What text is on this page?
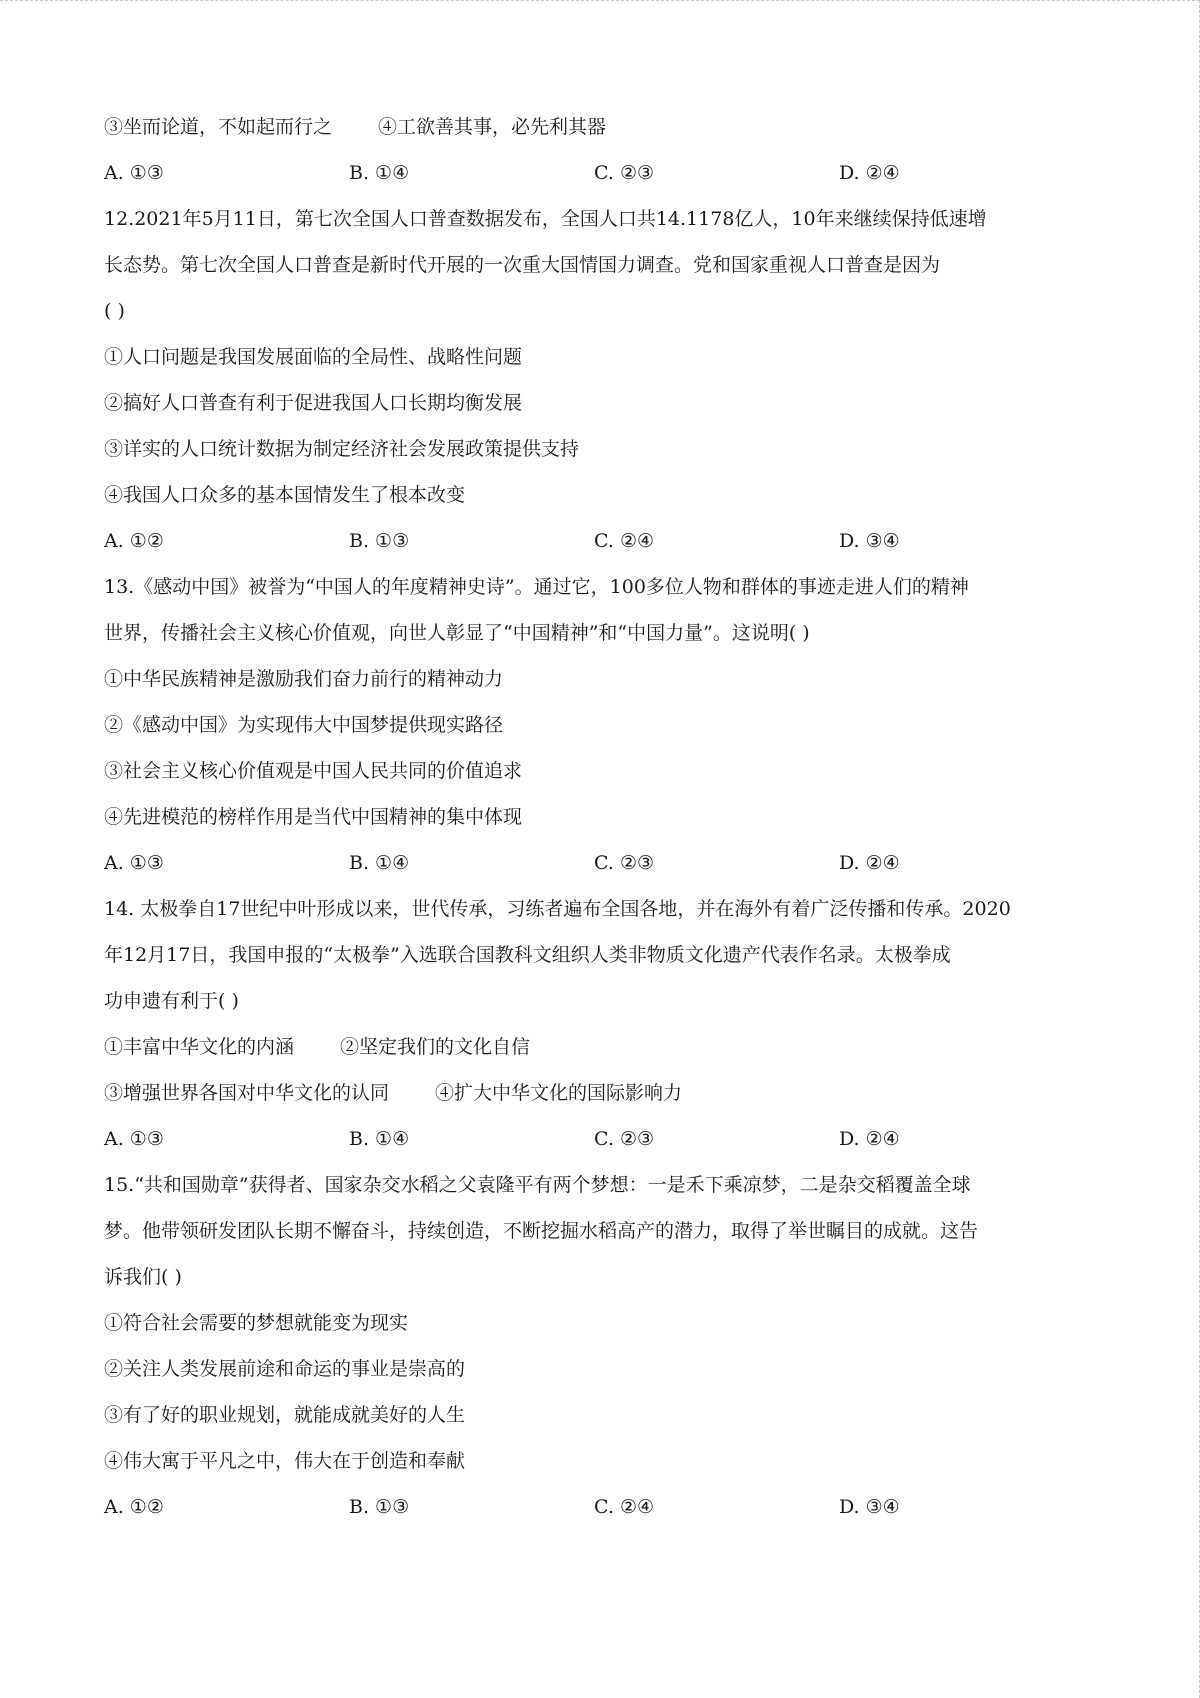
③坐而论道，不如起而行之 ④工欲善其事，必先利其器
A. ①③	B. ①④	C. ②③	D. ②④
12.2021年5月11日，第七次全国人口普查数据发布，全国人口共14.1178亿人，10年来继续保持低速增
长态势。第七次全国人口普查是新时代开展的一次重大国情国力调查。党和国家重视人口普查是因为
( )
①人口问题是我国发展面临的全局性、战略性问题
②搞好人口普查有利于促进我国人口长期均衡发展
③详实的人口统计数据为制定经济社会发展政策提供支持
④我国人口众多的基本国情发生了根本改变
A. ①②	B. ①③	C. ②④	D. ③④
13.《感动中国》被誉为“中国人的年度精神史诗”。通过它，100多位人物和群体的事迹走进人们的精神
世界，传播社会主义核心价值观，向世人彰显了“中国精神”和“中国力量”。这说明( )
①中华民族精神是激励我们奋力前行的精神动力
②《感动中国》为实现伟大中国梦提供现实路径
③社会主义核心价值观是中国人民共同的价值追求
④先进模范的榜样作用是当代中国精神的集中体现
A. ①③	B. ①④	C. ②③	D. ②④
14. 太极拳自17世纪中叶形成以来，世代传承，习练者遍布全国各地，并在海外有着广泛传播和传承。2020
年12月17日，我国申报的“太极拳”入选联合国教科文组织人类非物质文化遗产代表作名录。太极拳成
功申遗有利于( )
①丰富中华文化的内涵 ②坚定我们的文化自信
③增强世界各国对中华文化的认同 ④扩大中华文化的国际影响力
A. ①③	B. ①④	C. ②③	D. ②④
15.“共和国勋章”获得者、国家杂交水稻之父袁隆平有两个梦想：一是禾下乘凉梦，二是杂交稻覆盖全球
梦。他带领研发团队长期不懈奋斗，持续创造，不断挖掘水稻高产的潜力，取得了举世瞩目的成就。这告
诉我们( )
①符合社会需要的梦想就能变为现实
②关注人类发展前途和命运的事业是崇高的
③有了好的职业规划，就能成就美好的人生
④伟大寓于平凡之中，伟大在于创造和奉献
A. ①②	B. ①③	C. ②④	D. ③④
